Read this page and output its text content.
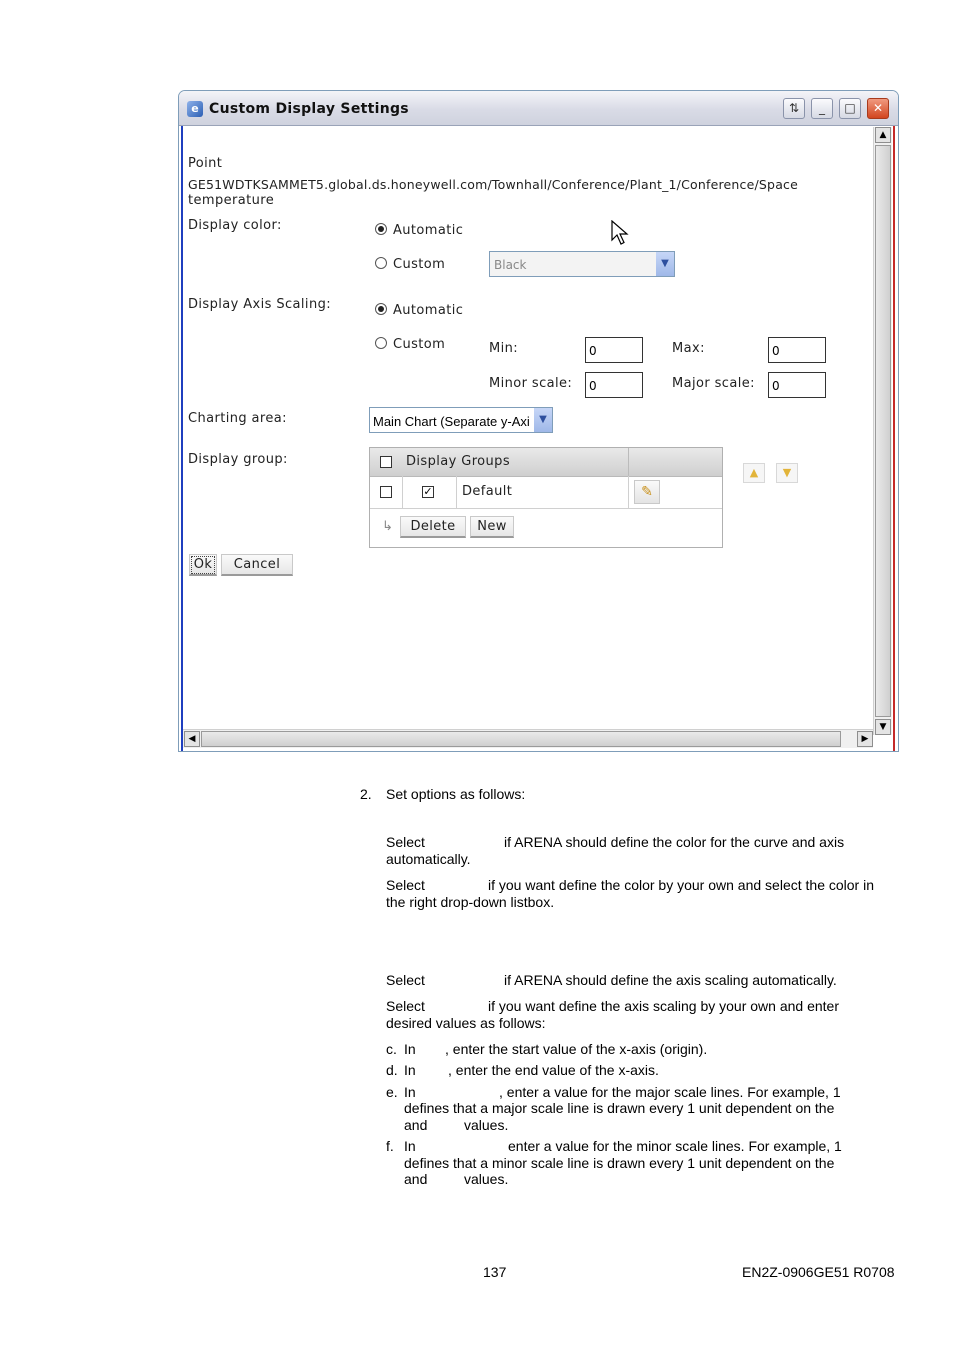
e Custom Display Settings	⇅	_	□	✕
Point
GE51WDTKSAMMET5.global.ds.honeywell.com/Townhall/Conference/Plant_1/Conference/Space
temperature
Display color:	Automatic
Custom	Black	▼
Display Axis Scaling:	Automatic
Custom	Min:	0	Max:	0
Minor scale:	0	Major scale:	0
Charting area:	Main Chart (Separate y-Axi ▼
Display group:	Display Groups
✓ Default	✎
↳	Delete	New
▲	▼
Ok	Cancel
▲
▼
◀	▶
2. Set options as follows:
Select	if ARENA should define the color for the curve and axis
automatically.
Select	if you want define the color by your own and select the color in
the right drop-down listbox.
Select	if ARENA should define the axis scaling automatically.
Select	if you want define the axis scaling by your own and enter
desired values as follows:
c. In , enter the start value of the x-axis (origin).
d. In , enter the end value of the x-axis.
e. In	, enter a value for the major scale lines. For example, 1
defines that a major scale line is drawn every 1 unit dependent on the
and	values.
f. In	enter a value for the minor scale lines. For example, 1
defines that a minor scale line is drawn every 1 unit dependent on the
and	values.
137	EN2Z-0906GE51 R0708
